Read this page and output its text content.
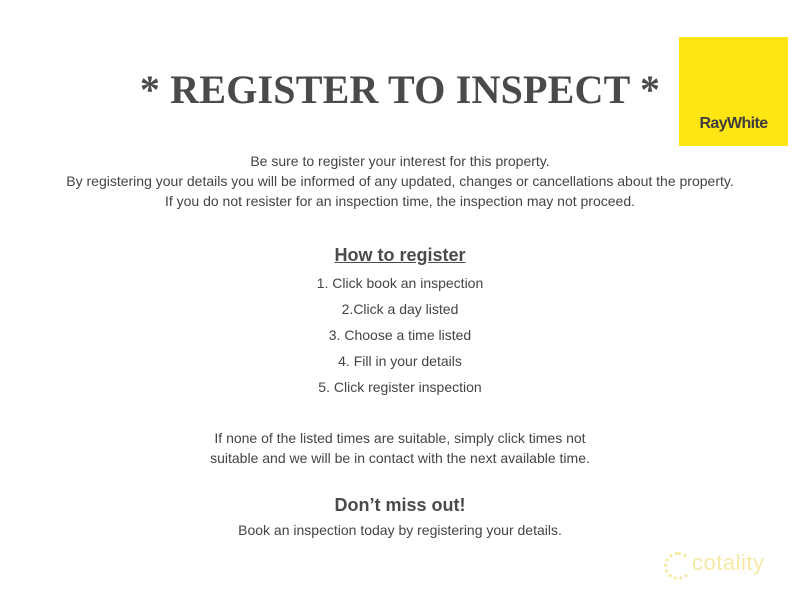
* REGISTER TO INSPECT *
RayWhite
Be sure to register your interest for this property.
By registering your details you will be informed of any updated, changes or cancellations about the property.
If you do not resister for an inspection time, the inspection may not proceed.
How to register
1. Click book an inspection
2.Click a day listed
3. Choose a time listed
4. Fill in your details
5. Click register inspection
If none of the listed times are suitable, simply click times not
suitable and we will be in contact with the next available time.
Don’t miss out!
Book an inspection today by registering your details.
cotality
